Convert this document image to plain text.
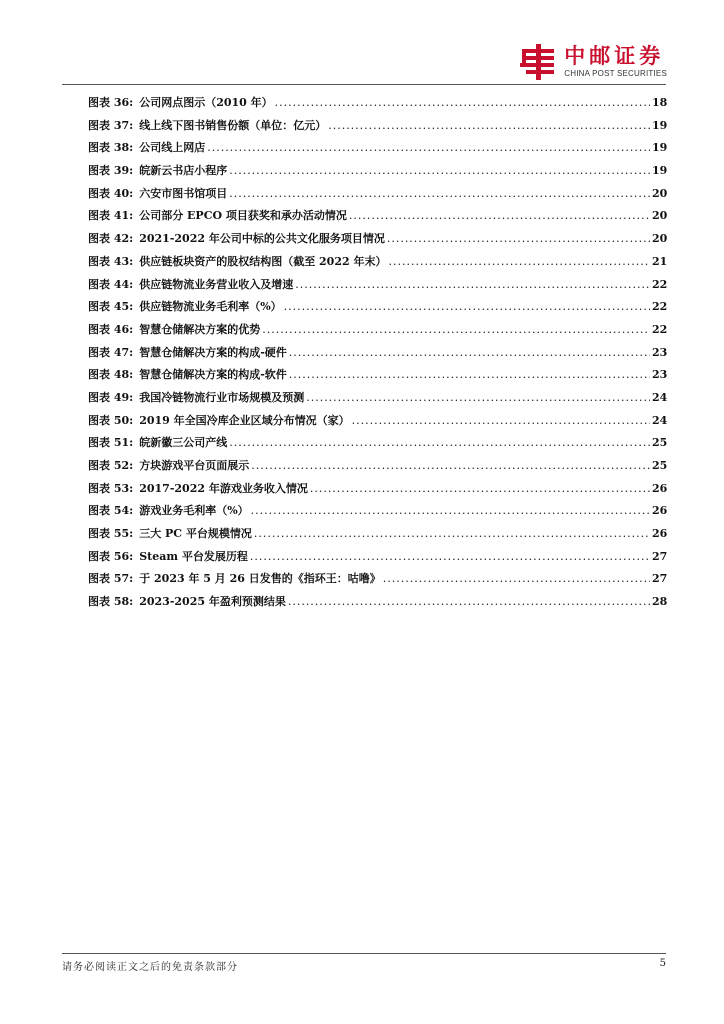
中邮证券
CHINA POST SECURITIES
图表 36: 公司网点图示（2010 年） .....	18
图表 37: 线上线下图书销售份额（单位：亿元） .....	19
图表 38: 公司线上网店 .....	19
图表 39: 皖新云书店小程序 .....	19
图表 40: 六安市图书馆项目 .....	20
图表 41: 公司部分 EPCO 项目获奖和承办活动情况 .....	20
图表 42: 2021-2022 年公司中标的公共文化服务项目情况 .....	20
图表 43: 供应链板块资产的股权结构图（截至 2022 年末） .....	21
图表 44: 供应链物流业务营业收入及增速 .....	22
图表 45: 供应链物流业务毛利率（%） .....	22
图表 46: 智慧仓储解决方案的优势 .....	22
图表 47: 智慧仓储解决方案的构成-硬件 .....	23
图表 48: 智慧仓储解决方案的构成-软件 .....	23
图表 49: 我国冷链物流行业市场规模及预测 .....	24
图表 50: 2019 年全国冷库企业区域分布情况（家） .....	24
图表 51: 皖新徽三公司产线 .....	25
图表 52: 方块游戏平台页面展示 .....	25
图表 53: 2017-2022 年游戏业务收入情况 .....	26
图表 54: 游戏业务毛利率（%） .....	26
图表 55: 三大 PC 平台规模情况 .....	26
图表 56: Steam 平台发展历程 .....	27
图表 57: 于 2023 年 5 月 26 日发售的《指环王：咕噜》 .....	27
图表 58: 2023-2025 年盈利预测结果 .....	28
请务必阅读正文之后的免责条款部分	5
